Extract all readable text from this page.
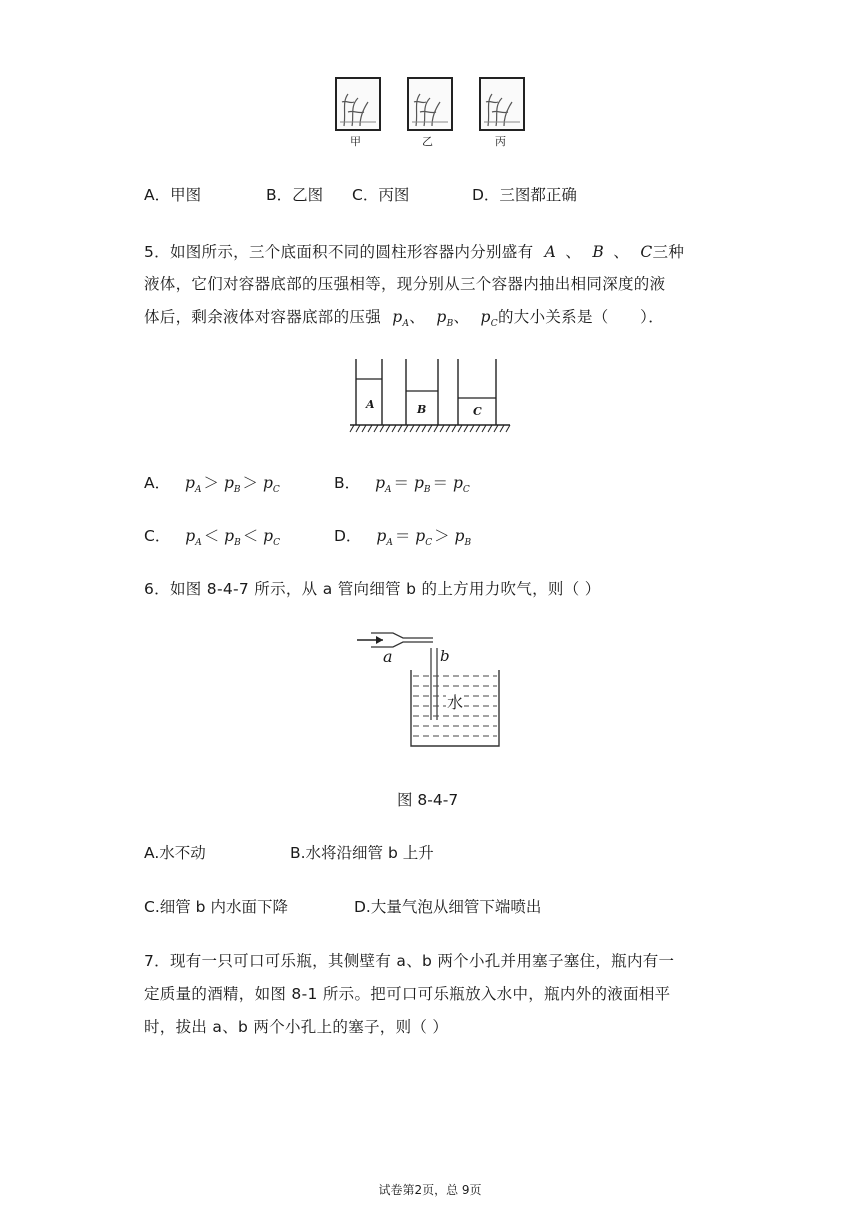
甲	乙	丙
A．甲图	B．乙图 C．丙图	D．三图都正确
5．如图所示，三个底面积不同的圆柱形容器内分别盛有 A 、 B 、 C三种
液体，它们对容器底部的压强相等，现分别从三个容器内抽出相同深度的液
体后，剩余液体对容器底部的压强 $p_A$、 $p_B$、 $p_C$的大小关系是（　　）．
A	B	C
A． $p_A > p_B > p_C$	B． $p_A = p_B = p_C$
C． $p_A < p_B < p_C$	D． $p_A = p_C > p_B$
6．如图 8-4-7 所示，从 a 管向细管 b 的上方用力吹气，则（ ）
a	b
水
图 8-4-7
A.水不动	B.水将沿细管 b 上升
C.细管 b 内水面下降	D.大量气泡从细管下端喷出
7．现有一只可口可乐瓶，其侧壁有 a、b 两个小孔并用塞子塞住，瓶内有一
定质量的酒精，如图 8-1 所示。把可口可乐瓶放入水中，瓶内外的液面相平
时，拔出 a、b 两个小孔上的塞子，则（ ）
试卷第2页，总 9页
